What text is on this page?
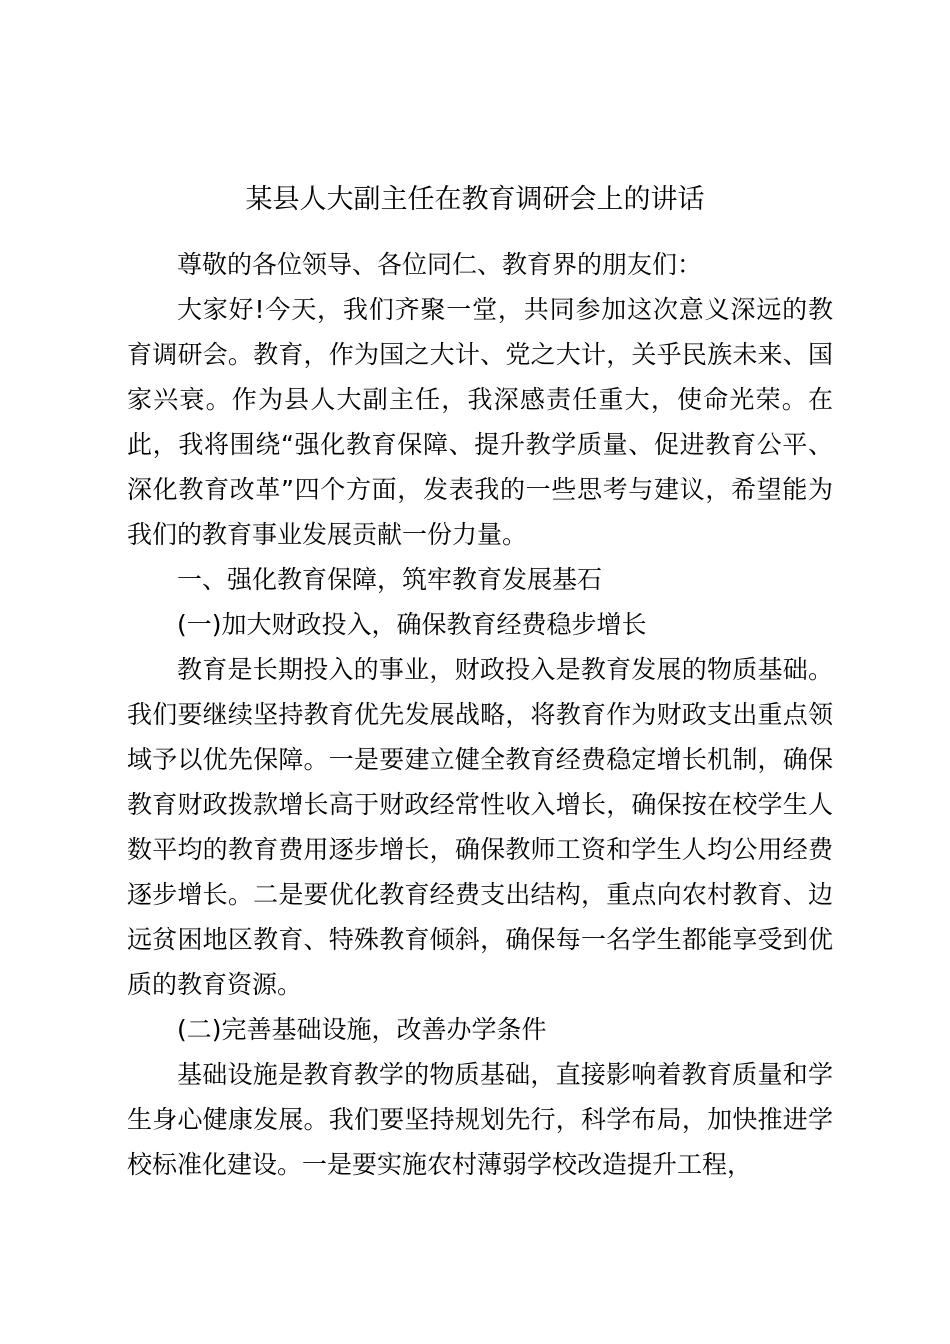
某县人大副主任在教育调研会上的讲话

尊敬的各位领导、各位同仁、教育界的朋友们：

大家好!今天，我们齐聚一堂，共同参加这次意义深远的教育调研会。教育，作为国之大计、党之大计，关乎民族未来、国家兴衰。作为县人大副主任，我深感责任重大，使命光荣。在此，我将围绕“强化教育保障、提升教学质量、促进教育公平、深化教育改革”四个方面，发表我的一些思考与建议，希望能为我们的教育事业发展贡献一份力量。

一、强化教育保障，筑牢教育发展基石

(一)加大财政投入，确保教育经费稳步增长

教育是长期投入的事业，财政投入是教育发展的物质基础。我们要继续坚持教育优先发展战略，将教育作为财政支出重点领域予以优先保障。一是要建立健全教育经费稳定增长机制，确保教育财政拨款增长高于财政经常性收入增长，确保按在校学生人数平均的教育费用逐步增长，确保教师工资和学生人均公用经费逐步增长。二是要优化教育经费支出结构，重点向农村教育、边远贫困地区教育、特殊教育倾斜，确保每一名学生都能享受到优质的教育资源。

(二)完善基础设施，改善办学条件

基础设施是教育教学的物质基础，直接影响着教育质量和学生身心健康发展。我们要坚持规划先行，科学布局，加快推进学校标准化建设。一是要实施农村薄弱学校改造提升工程，
